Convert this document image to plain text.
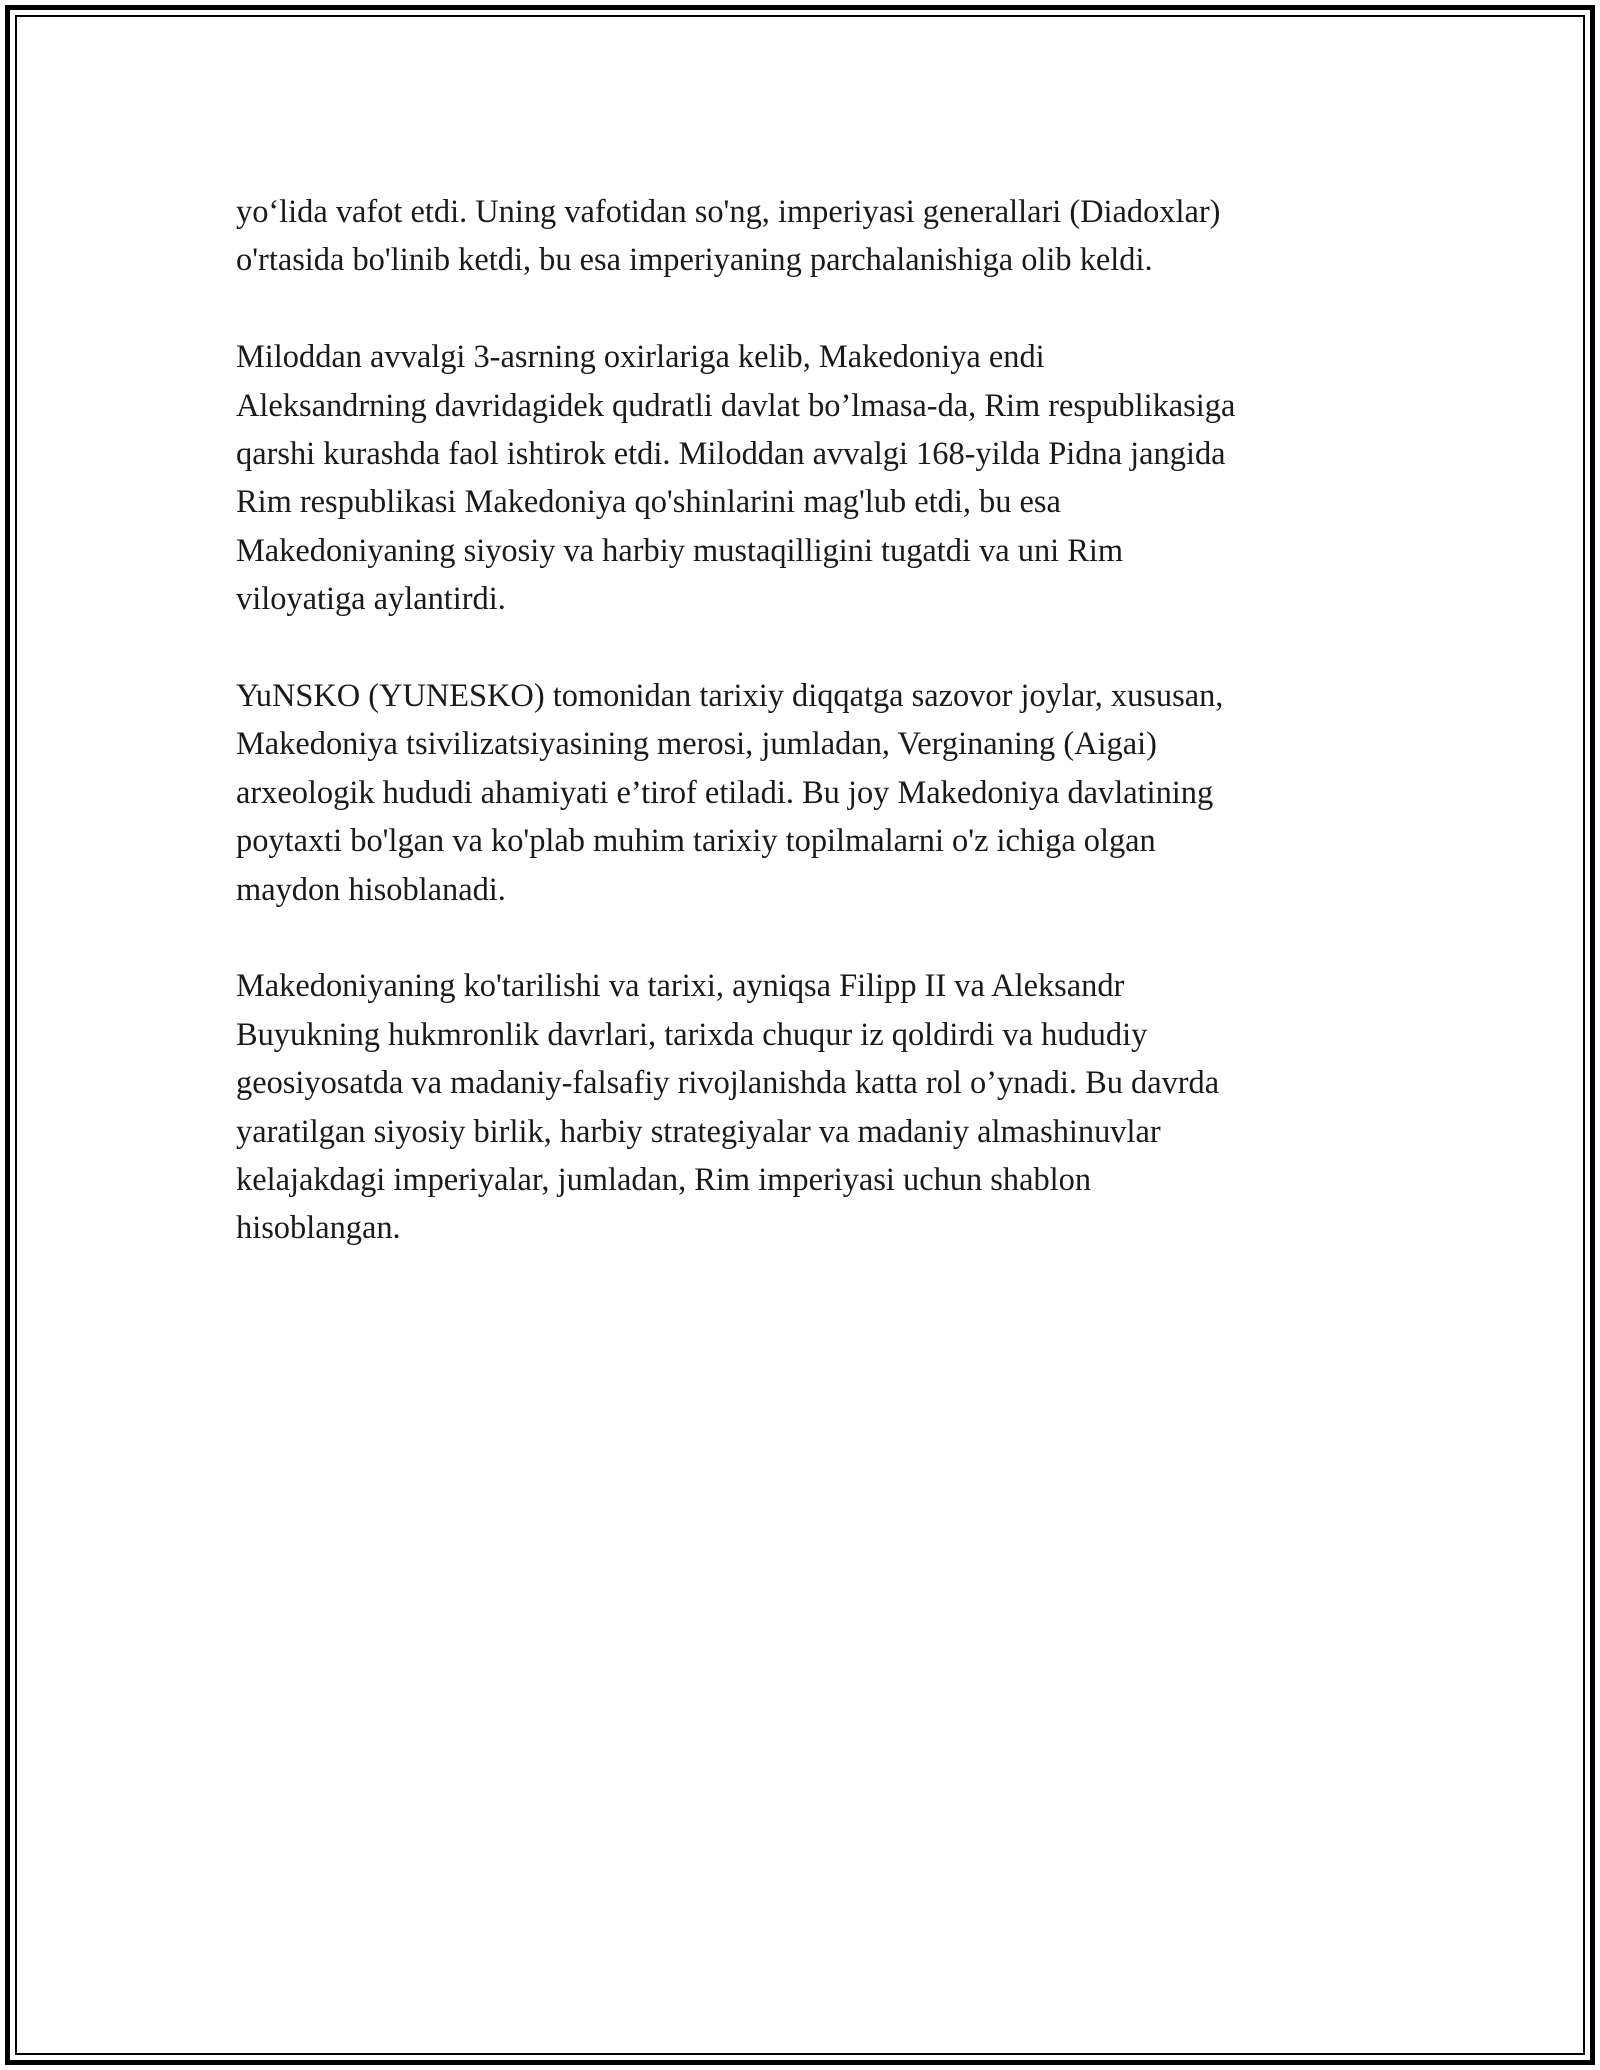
yo‘lida vafot etdi. Uning vafotidan so'ng, imperiyasi generallari (Diadoxlar)
o'rtasida bo'linib ketdi, bu esa imperiyaning parchalanishiga olib keldi.

Miloddan avvalgi 3-asrning oxirlariga kelib, Makedoniya endi
Aleksandrning davridagidek qudratli davlat bo’lmasa-da, Rim respublikasiga
qarshi kurashda faol ishtirok etdi. Miloddan avvalgi 168-yilda Pidna jangida
Rim respublikasi Makedoniya qo'shinlarini mag'lub etdi, bu esa
Makedoniyaning siyosiy va harbiy mustaqilligini tugatdi va uni Rim
viloyatiga aylantirdi.

YuNSKO (YUNESKO) tomonidan tarixiy diqqatga sazovor joylar, xususan,
Makedoniya tsivilizatsiyasining merosi, jumladan, Verginaning (Aigai)
arxeologik hududi ahamiyati e’tirof etiladi. Bu joy Makedoniya davlatining
poytaxti bo'lgan va ko'plab muhim tarixiy topilmalarni o'z ichiga olgan
maydon hisoblanadi.

Makedoniyaning ko'tarilishi va tarixi, ayniqsa Filipp II va Aleksandr
Buyukning hukmronlik davrlari, tarixda chuqur iz qoldirdi va hududiy
geosiyosatda va madaniy-falsafiy rivojlanishda katta rol o’ynadi. Bu davrda
yaratilgan siyosiy birlik, harbiy strategiyalar va madaniy almashinuvlar
kelajakdagi imperiyalar, jumladan, Rim imperiyasi uchun shablon
hisoblangan.
